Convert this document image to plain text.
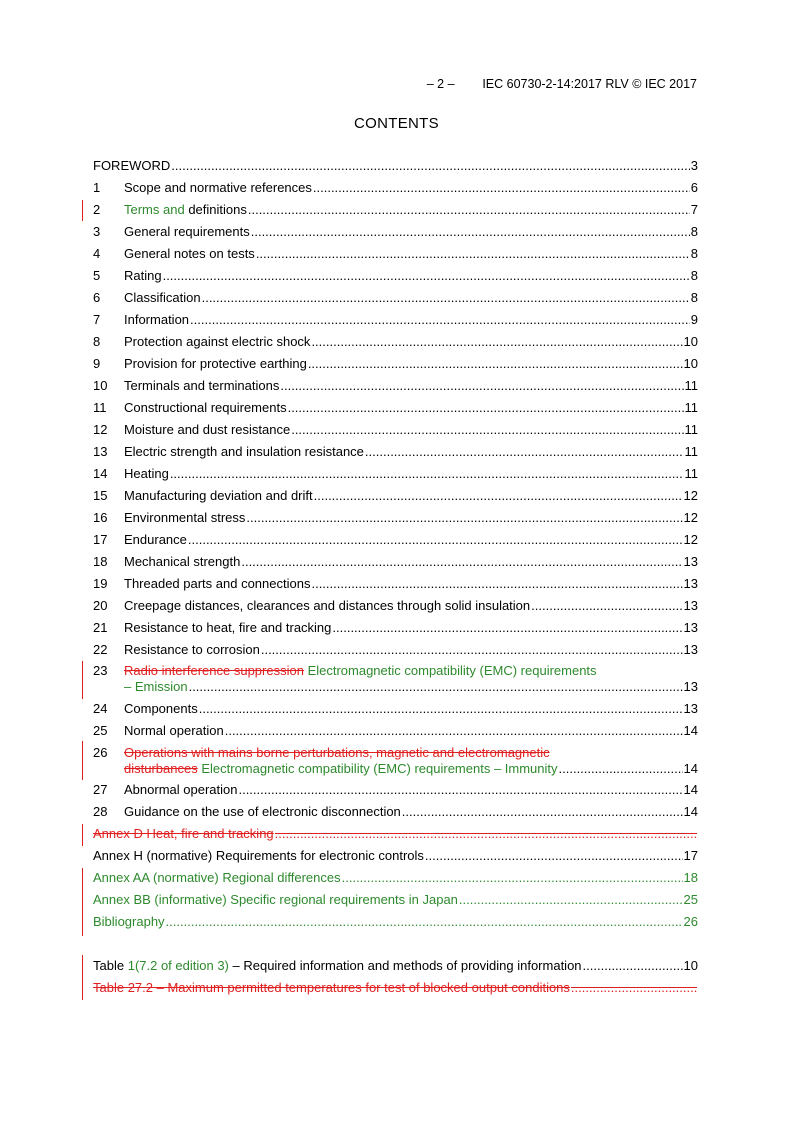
– 2 – IEC 60730-2-14:2017 RLV © IEC 2017
CONTENTS
FOREWORD .....	3
1	Scope and normative references .....	6
2	Terms and definitions .....	7
3	General requirements .....	8
4	General notes on tests .....	8
5	Rating .....	8
6	Classification .....	8
7	Information .....	9
8	Protection against electric shock .....	10
9	Provision for protective earthing .....	10
10	Terminals and terminations .....	11
11	Constructional requirements .....	11
12	Moisture and dust resistance .....	11
13	Electric strength and insulation resistance .....	11
14	Heating .....	11
15	Manufacturing deviation and drift .....	12
16	Environmental stress .....	12
17	Endurance .....	12
18	Mechanical strength .....	13
19	Threaded parts and connections .....	13
20	Creepage distances, clearances and distances through solid insulation .....	13
21	Resistance to heat, fire and tracking .....	13
22	Resistance to corrosion .....	13
23	Radio interference suppression Electromagnetic compatibility (EMC) requirements
– Emission .....	13
24	Components .....	13
25	Normal operation .....	14
26	Operations with mains borne perturbations, magnetic and electromagnetic
disturbances Electromagnetic compatibility (EMC) requirements – Immunity .....	14
27	Abnormal operation .....	14
28	Guidance on the use of electronic disconnection .....	14
Annex D Heat, fire and tracking
.....
Annex H (normative) Requirements for electronic controls .....	17
Annex AA (normative) Regional differences .....	18
Annex BB (informative) Specific regional requirements in Japan .....	25
Bibliography .....	26
Table 1(7.2 of edition 3) – Required information and methods of providing information .....	10
Table 27.2 – Maximum permitted temperatures for test of blocked output conditions
.....
